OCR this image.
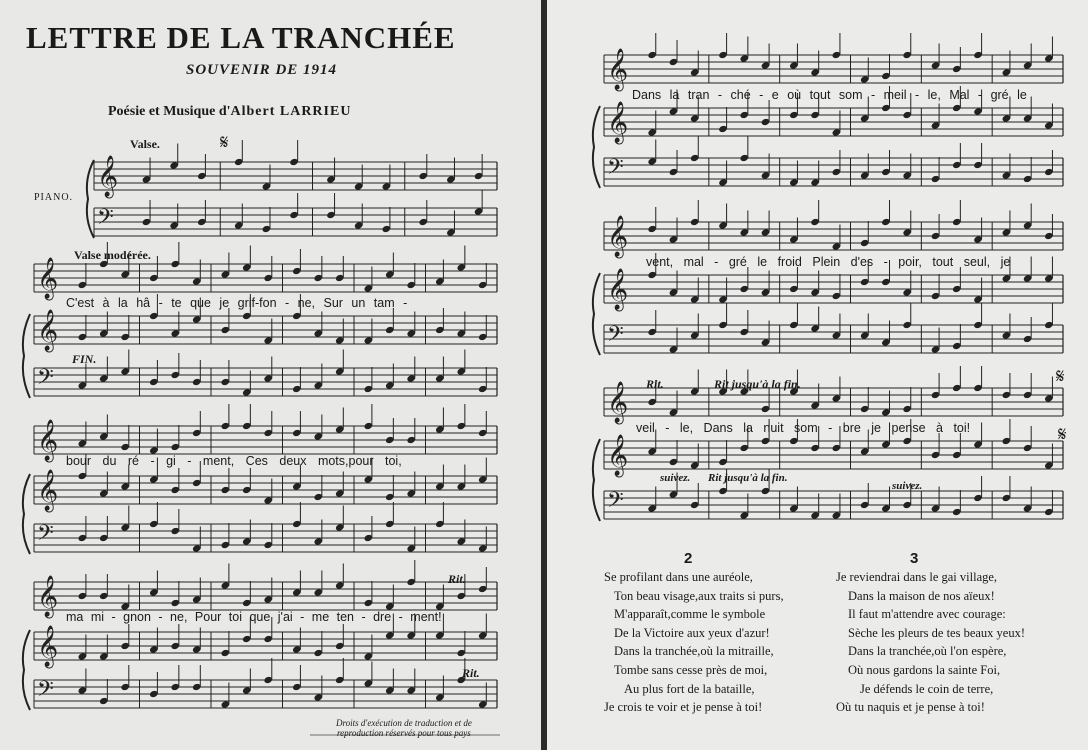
𝄞
𝄢
𝄞
𝄞
𝄢
𝄞
𝄞
𝄢
𝄞
𝄞
𝄢
𝄞
𝄞
𝄢
𝄞
𝄞
𝄢
𝄞
𝄞
𝄢
LETTRE DE LA TRANCHÉE
SOUVENIR DE 1914
Poésie et Musique d'Albert LARRIEU
Valse.	𝄋
PIANO.
Valse modérée.
FIN.
Rit.
Rit.
Rit.	Rit jusqu'à la fin.
suivez. Rit jusqu'à la fin.
suivez.
𝄋
𝄋
C'est à la hâ - te que je grif-fon - ne, Sur un tam -
bour du ré - gi - ment, Ces deux mots,pour toi,
ma mi - gnon - ne, Pour toi que j'ai - me ten - dre - ment!
Dans la tran - ché - e où tout som - meil - le, Mal - gré le
vent, mal - gré le froid Plein d'es - poir, tout seul, je
veil - le, Dans la nuit som - bre je pense à toi!
Droits d'exécution de traduction et de
reproduction réservés pour tous pays
2	3
Se profilant dans une auréole,
Ton beau visage,aux traits si purs,
M'apparaît,comme le symbole
De la Victoire aux yeux d'azur!
Dans la tranchée,où la mitraille,
Tombe sans cesse près de moi,
Au plus fort de la bataille,
Je crois te voir et je pense à toi!
Je reviendrai dans le gai village,
Dans la maison de nos aïeux!
Il faut m'attendre avec courage:
Sèche les pleurs de tes beaux yeux!
Dans la tranchée,où l'on espère,
Où nous gardons la sainte Foi,
Je défends le coin de terre,
Où tu naquis et je pense à toi!
